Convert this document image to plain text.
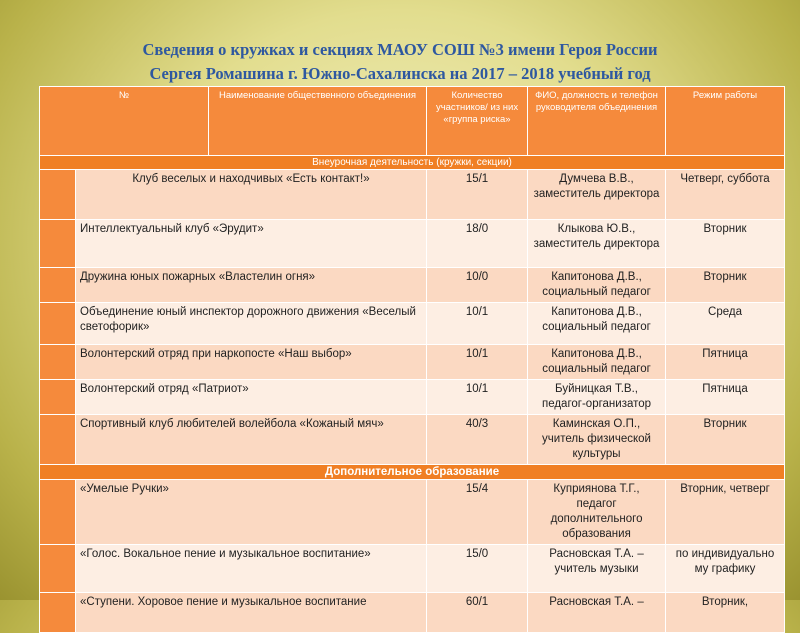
Сведения о кружках и секциях МАОУ СОШ №3 имени Героя России
Сергея Ромашина г. Южно-Сахалинска на 2017 – 2018 учебный год
№		Наименование общественного объединения	Количество участников/ из них «группа риска»	ФИО, должность и телефон руководителя объединения	Режим работы
Внеурочная деятельность (кружки, секции)					
	Клуб веселых и находчивых «Есть контакт!»		15/1	Думчева В.В., заместитель директора	Четверг, суббота
	Интеллектуальный клуб «Эрудит»		18/0	Клыкова Ю.В., заместитель директора	Вторник
	Дружина юных пожарных «Властелин огня»		10/0	Капитонова Д.В., социальный педагог	Вторник
	Объединение юный инспектор дорожного движения «Веселый светофорик»		10/1	Капитонова Д.В., социальный педагог	Среда
	Волонтерский отряд при наркопосте «Наш выбор»		10/1	Капитонова Д.В., социальный педагог	Пятница
	Волонтерский отряд «Патриот»		10/1	Буйницкая Т.В., педагог-организатор	Пятница
	Спортивный клуб любителей волейбола «Кожаный мяч»		40/3	Каминская О.П., учитель физической культуры	Вторник
Дополнительное образование					
	«Умелые Ручки»		15/4	Куприянова Т.Г., педагог дополнительного образования	Вторник, четверг
	«Голос. Вокальное пение и музыкальное воспитание»		15/0	Расновская Т.А. – учитель музыки	по индивидуально му графику
	«Ступени. Хоровое пение и музыкальное воспитание		60/1	Расновская Т.А. –	Вторник,
